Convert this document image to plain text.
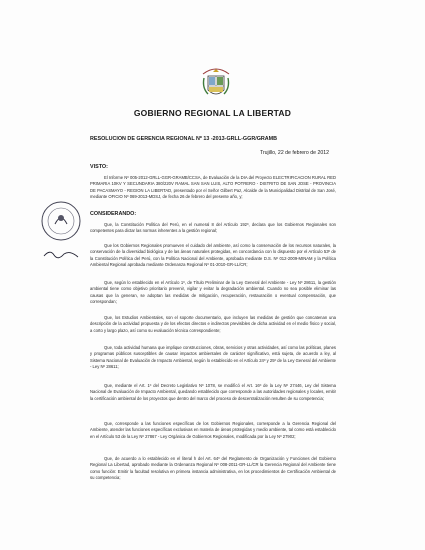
GOBIERNO REGIONAL LA LIBERTAD
RESOLUCION DE GERENCIA REGIONAL Nº 13 -2013-GRLL-GGR/GRAMB
Trujillo, 22 de febrero de 2012
VISTO:
El Informe Nº 005-2012-GRLL-GGR-GRAMB/CCSA, de Evaluación de la DIA del Proyecto ELECTRIFICACION RURAL RED PRIMARIA 10KV Y SECUNDARIA 380/220V RAMAL SAN SAN LUIS, ALTO POTRERO - DISTRITO DE SAN JOSE - PROVINCIA DE PACASMAYO - REGION LA LIBERTAD, presentado por el Señor Gilbert Paz, Alcalde de la Municipalidad Distrital de San José, mediante OFICIO Nº 069-2013-MDSJ, de fecha 26 de febrero del presente año, y;
CONSIDERANDO:
Que, la Constitución Política del Perú, en el numeral 8 del Artículo 192º, declara que los Gobiernos Regionales son competentes para dictar las normas inherentes a la gestión regional;
Que los Gobiernos Regionales promueven el cuidado del ambiente, así como la conservación de los recursos naturales, la conservación de la diversidad biológica y de las áreas naturales protegidas, en concordancia con lo dispuesto por el Artículo 53º de la Constitución Política del Perú, con la Política Nacional del Ambiente, aprobada mediante D.S. Nº 012-2009-MINAM y la Política Ambiental Regional aprobada mediante Ordenanza Regional Nº 01-2010-GR-LL/CR;
Que, según lo establecido en el Artículo 1º, de Título Preliminar de la Ley General del Ambiente - Ley Nº 28611, la gestión ambiental tiene como objetivo prioritario prevenir, vigilar y evitar la degradación ambiental. Cuando no sea posible eliminar las causas que la generan, se adoptan las medidas de mitigación, recuperación, restauración o eventual compensación, que correspondan;
Que, los Estudios Ambientales, son el soporte documentario, que incluyen las medidas de gestión que concatenan una descripción de la actividad propuesta y de los efectos directos e indirectos previsibles de dicha actividad en el medio físico y social, a corto y largo plazo, así como su evaluación técnica correspondiente;
Que, toda actividad humana que implique construcciones, obras, servicios y otras actividades, así como las políticas, planes y programas públicos susceptibles de causar impactos ambientales de carácter significativo, está sujeta, de acuerdo a ley, al Sistema Nacional de Evaluación de Impacto Ambiental, según lo establecido en el Artículo 24º y 25º de la Ley General del Ambiente - Ley Nº 28611;
Que, mediante el Art. 1º del Decreto Legislativo Nº 1078, se modificó el Art. 16º de la Ley Nº 27446, Ley del Sistema Nacional de Evaluación de Impacto Ambiental, quedando establecido que corresponde a las autoridades regionales y locales, emitir la certificación ambiental de los proyectos que dentro del marco del proceso de descentralización resulten de su competencia;
Que, corresponde a las funciones específicas de los Gobiernos Regionales, corresponde a la Gerencia Regional del Ambiente, atender las funciones específicas exclusivas en materia de áreas protegidas y medio ambiente, tal como está establecido en el Artículo 53 de la Ley Nº 27867 - Ley Orgánica de Gobiernos Regionales, modificada por la Ley Nº 27902;
Que, de acuerdo a lo establecido en el literal h del Art. 64º del Reglamento de Organización y Funciones del Gobierno Regional La Libertad, aprobado mediante la Ordenanza Regional Nº 008-2011-GR-LL/CR la Gerencia Regional del Ambiente tiene como función: Emitir la facultad resolutiva en primera instancia administrativa, en los procedimientos de Certificación Ambiental de su competencia;
